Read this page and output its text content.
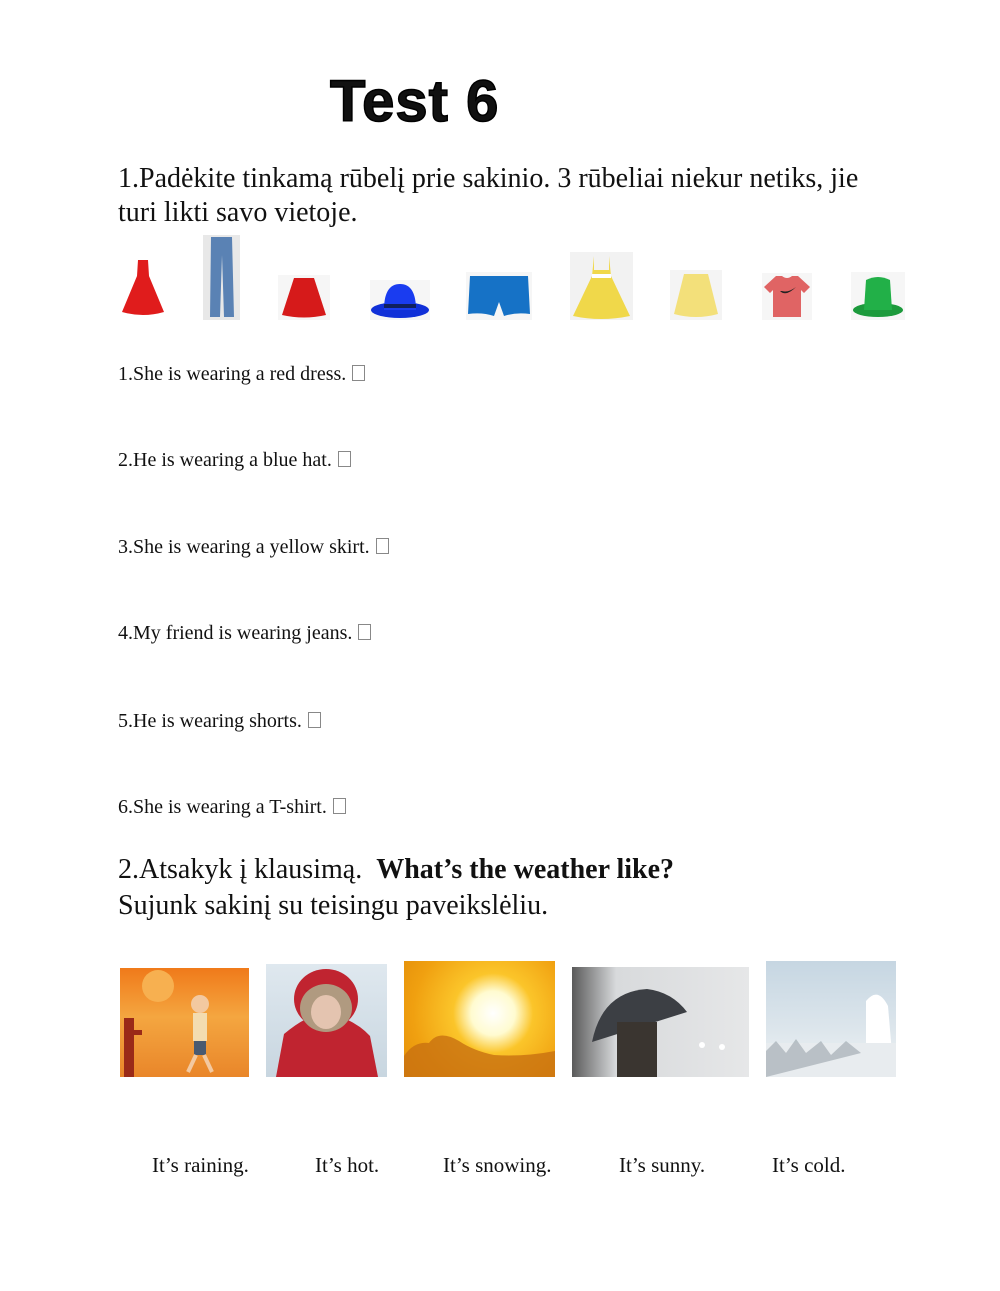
Test 6
1.Padėkite tinkamą rūbelį prie sakinio. 3 rūbeliai niekur netiks, jie
turi likti savo vietoje.
1.She is wearing a red dress.
2.He is wearing a blue hat.
3.She is wearing a yellow skirt.
4.My friend is wearing jeans.
5.He is wearing shorts.
6.She is wearing a T-shirt.
2.Atsakyk į klausimą. What’s the weather like?
Sujunk sakinį su teisingu paveikslėliu.
It’s raining.	It’s hot.	It’s snowing.	It’s sunny.	It’s cold.
